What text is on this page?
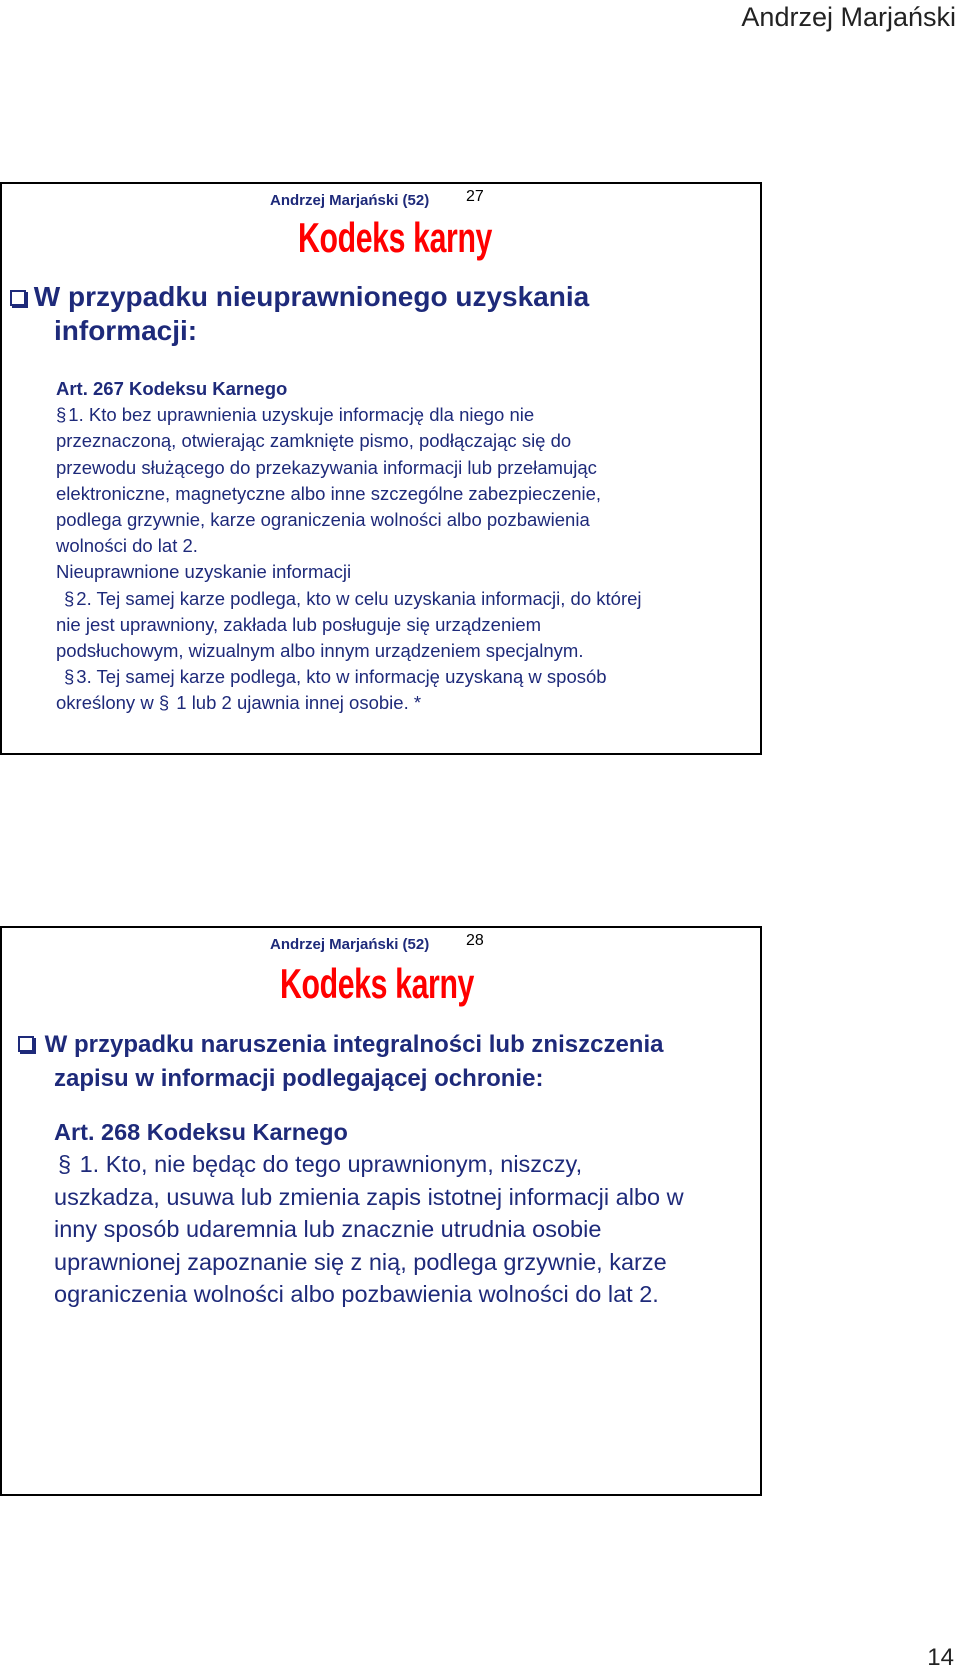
Andrzej Marjański
Andrzej Marjański (52) 27
Kodeks karny
W przypadku nieuprawnionego uzyskania
informacji:
Art. 267 Kodeksu Karnego
§ 1. Kto bez uprawnienia uzyskuje informację dla niego nie
przeznaczoną, otwierając zamknięte pismo, podłączając się do
przewodu służącego do przekazywania informacji lub przełamując
elektroniczne, magnetyczne albo inne szczególne zabezpieczenie,
podlega grzywnie, karze ograniczenia wolności albo pozbawienia
wolności do lat 2.
Nieuprawnione uzyskanie informacji
§ 2. Tej samej karze podlega, kto w celu uzyskania informacji, do której
nie jest uprawniony, zakłada lub posługuje się urządzeniem
podsłuchowym, wizualnym albo innym urządzeniem specjalnym.
§ 3. Tej samej karze podlega, kto w informację uzyskaną w sposób
określony w § 1 lub 2 ujawnia innej osobie. *
Andrzej Marjański (52) 28
Kodeks karny
W przypadku naruszenia integralności lub zniszczenia
zapisu w informacji podlegającej ochronie:
Art. 268 Kodeksu Karnego
§ 1. Kto, nie będąc do tego uprawnionym, niszczy,
uszkadza, usuwa lub zmienia zapis istotnej informacji albo w
inny sposób udaremnia lub znacznie utrudnia osobie
uprawnionej zapoznanie się z nią, podlega grzywnie, karze
ograniczenia wolności albo pozbawienia wolności do lat 2.
14
